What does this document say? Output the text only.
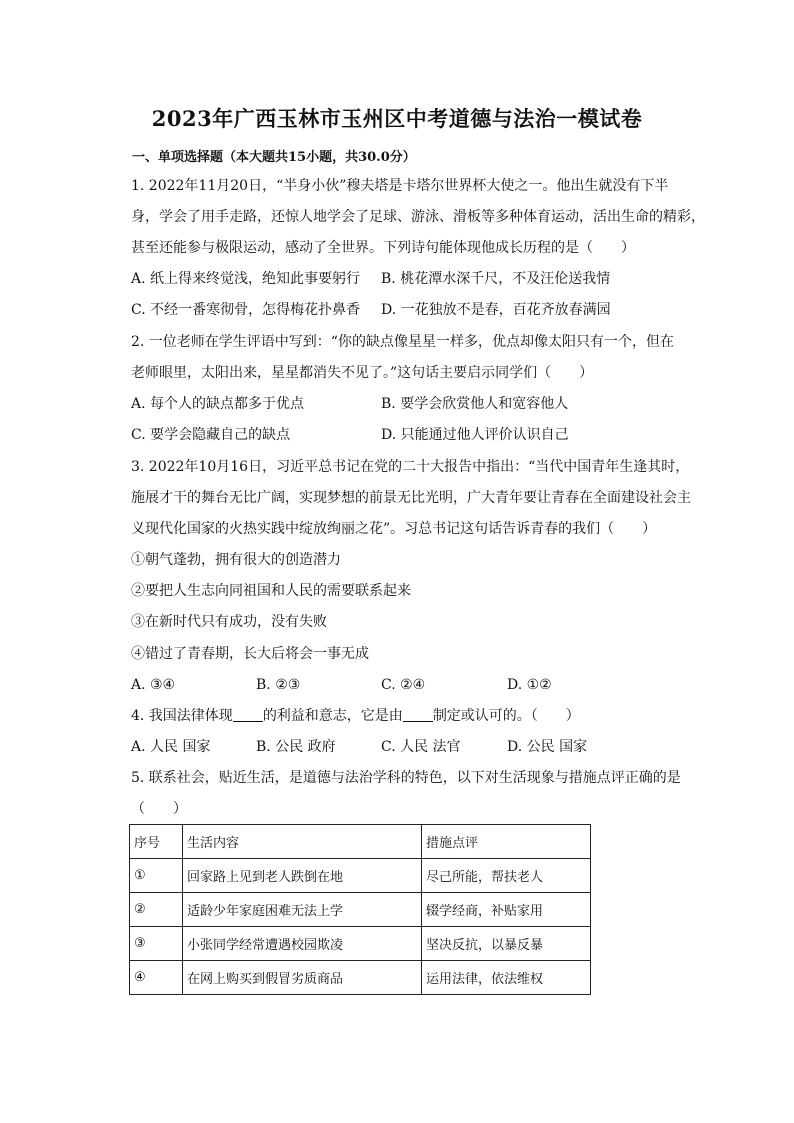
2023年广西玉林市玉州区中考道德与法治一模试卷
一、单项选择题（本大题共15小题，共30.0分）
1. 2022年11月20日，“半身小伙”穆夫塔是卡塔尔世界杯大使之一。他出生就没有下半
身，学会了用手走路，还惊人地学会了足球、游泳、滑板等多种体育运动，活出生命的精彩，
甚至还能参与极限运动，感动了全世界。下列诗句能体现他成长历程的是（　　）
A. 纸上得来终觉浅，绝知此事要躬行 B. 桃花潭水深千尺，不及汪伦送我情
C. 不经一番寒彻骨，怎得梅花扑鼻香 D. 一花独放不是春，百花齐放春满园
2. 一位老师在学生评语中写到：“你的缺点像星星一样多，优点却像太阳只有一个，但在
老师眼里，太阳出来，星星都消失不见了。”这句话主要启示同学们（　　）
A. 每个人的缺点都多于优点	B. 要学会欣赏他人和宽容他人
C. 要学会隐藏自己的缺点	D. 只能通过他人评价认识自己
3. 2022年10月16日，习近平总书记在党的二十大报告中指出：“当代中国青年生逢其时，
施展才干的舞台无比广阔，实现梦想的前景无比光明，广大青年要让青春在全面建设社会主
义现代化国家的火热实践中绽放绚丽之花”。习总书记这句话告诉青春的我们（　　）
①朝气蓬勃，拥有很大的创造潜力
②要把人生志向同祖国和人民的需要联系起来
③在新时代只有成功，没有失败
④错过了青春期，长大后将会一事无成
A. ③④	B. ②③	C. ②④	D. ①②
4. 我国法律体现 的利益和意志，它是由 制定或认可的。（　　）
A. 人民 国家	B. 公民 政府	C. 人民 法官	D. 公民 国家
5. 联系社会，贴近生活，是道德与法治学科的特色，以下对生活现象与措施点评正确的是
（　　）
序号	生活内容	措施点评
①	回家路上见到老人跌倒在地	尽己所能，帮扶老人
②	适龄少年家庭困难无法上学	辍学经商，补贴家用
③	小张同学经常遭遇校园欺凌	坚决反抗，以暴反暴
④	在网上购买到假冒劣质商品	运用法律，依法维权
